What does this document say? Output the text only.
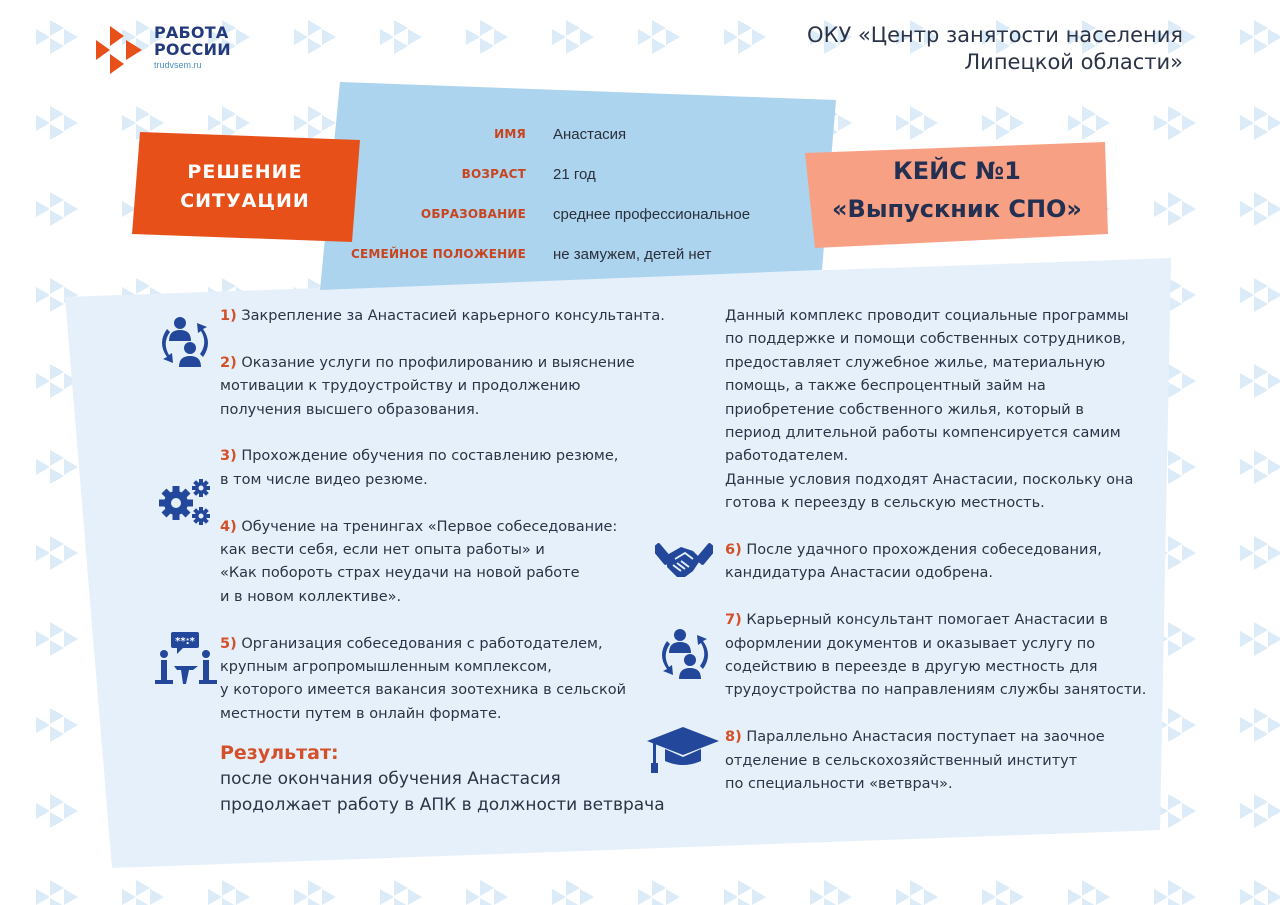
РАБОТА
РОССИИ
trudvsem.ru
ОКУ «Центр занятости населения
Липецкой области»
РЕШЕНИЕ
СИТУАЦИИ
КЕЙС №1
«Выпускник СПО»
ИМЯ Анастасия
ВОЗРАСТ 21 год
ОБРАЗОВАНИЕ среднее профессиональное
СЕМЕЙНОЕ ПОЛОЖЕНИЕ не замужем, детей нет
1) Закрепление за Анастасией карьерного консультанта.
2) Оказание услуги по профилированию и выяснение
мотивации к трудоустройству и продолжению
получения высшего образования.
3) Прохождение обучения по составлению резюме,
в том числе видео резюме.
4) Обучение на тренингах «Первое собеседование:
как вести себя, если нет опыта работы» и
«Как побороть страх неудачи на новой работе
и в новом коллективе».
5) Организация собеседования с работодателем,
крупным агропромышленным комплексом,
у которого имеется вакансия зоотехника в сельской
местности путем в онлайн формате.
Результат:
после окончания обучения Анастасия
продолжает работу в АПК в должности ветврача
Данный комплекс проводит социальные программы
по поддержке и помощи собственных сотрудников,
предоставляет служебное жилье, материальную
помощь, а также беспроцентный займ на
приобретение собственного жилья, который в
период длительной работы компенсируется самим
работодателем.
Данные условия подходят Анастасии, поскольку она
готова к переезду в сельскую местность.
6) После удачного прохождения собеседования,
кандидатура Анастасии одобрена.
7) Карьерный консультант помогает Анастасии в
оформлении документов и оказывает услугу по
содействию в переезде в другую местность для
трудоустройства по направлениям службы занятости.
8) Параллельно Анастасия поступает на заочное
отделение в сельскохозяйственный институт
по специальности «ветврач».
**:*
